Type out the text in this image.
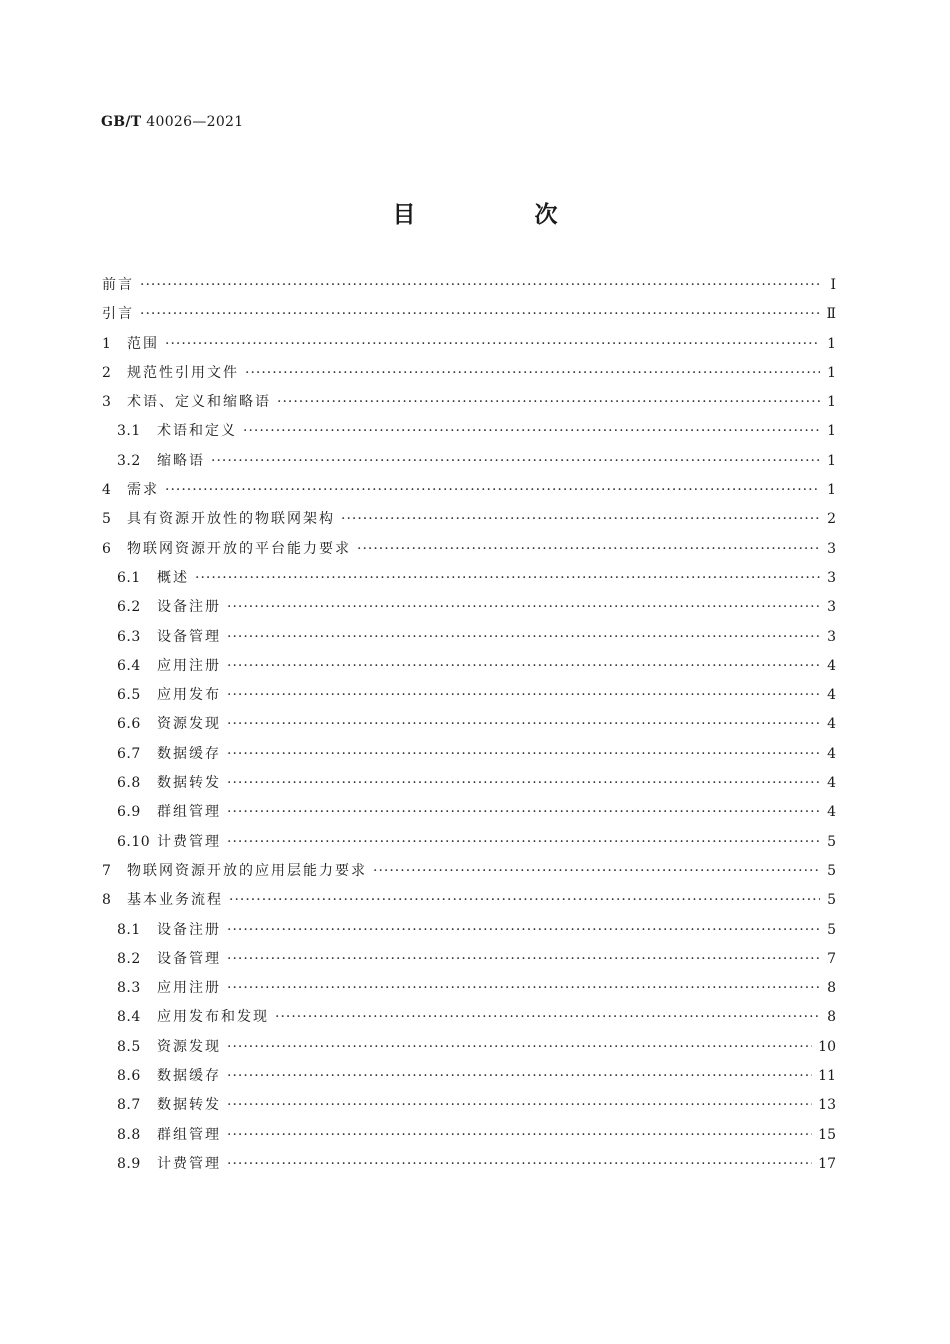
GB/T 40026—2021
目　次
前言 ·····	Ⅰ
引言 ·····	Ⅱ
1	范围 ·····	1
2	规范性引用文件 ·····	1
3	术语、定义和缩略语 ·····	1
3.1	术语和定义 ·····	1
3.2	缩略语 ·····	1
4	需求 ·····	1
5	具有资源开放性的物联网架构 ·····	2
6	物联网资源开放的平台能力要求 ·····	3
6.1	概述 ·····	3
6.2	设备注册 ·····	3
6.3	设备管理 ·····	3
6.4	应用注册 ·····	4
6.5	应用发布 ·····	4
6.6	资源发现 ·····	4
6.7	数据缓存 ·····	4
6.8	数据转发 ·····	4
6.9	群组管理 ·····	4
6.10 计费管理 ·····	5
7	物联网资源开放的应用层能力要求 ·····	5
8	基本业务流程 ·····	5
8.1	设备注册 ·····	5
8.2	设备管理 ·····	7
8.3	应用注册 ·····	8
8.4	应用发布和发现 ·····	8
8.5	资源发现 ·····	10
8.6	数据缓存 ·····	11
8.7	数据转发 ·····	13
8.8	群组管理 ·····	15
8.9	计费管理 ·····	17
